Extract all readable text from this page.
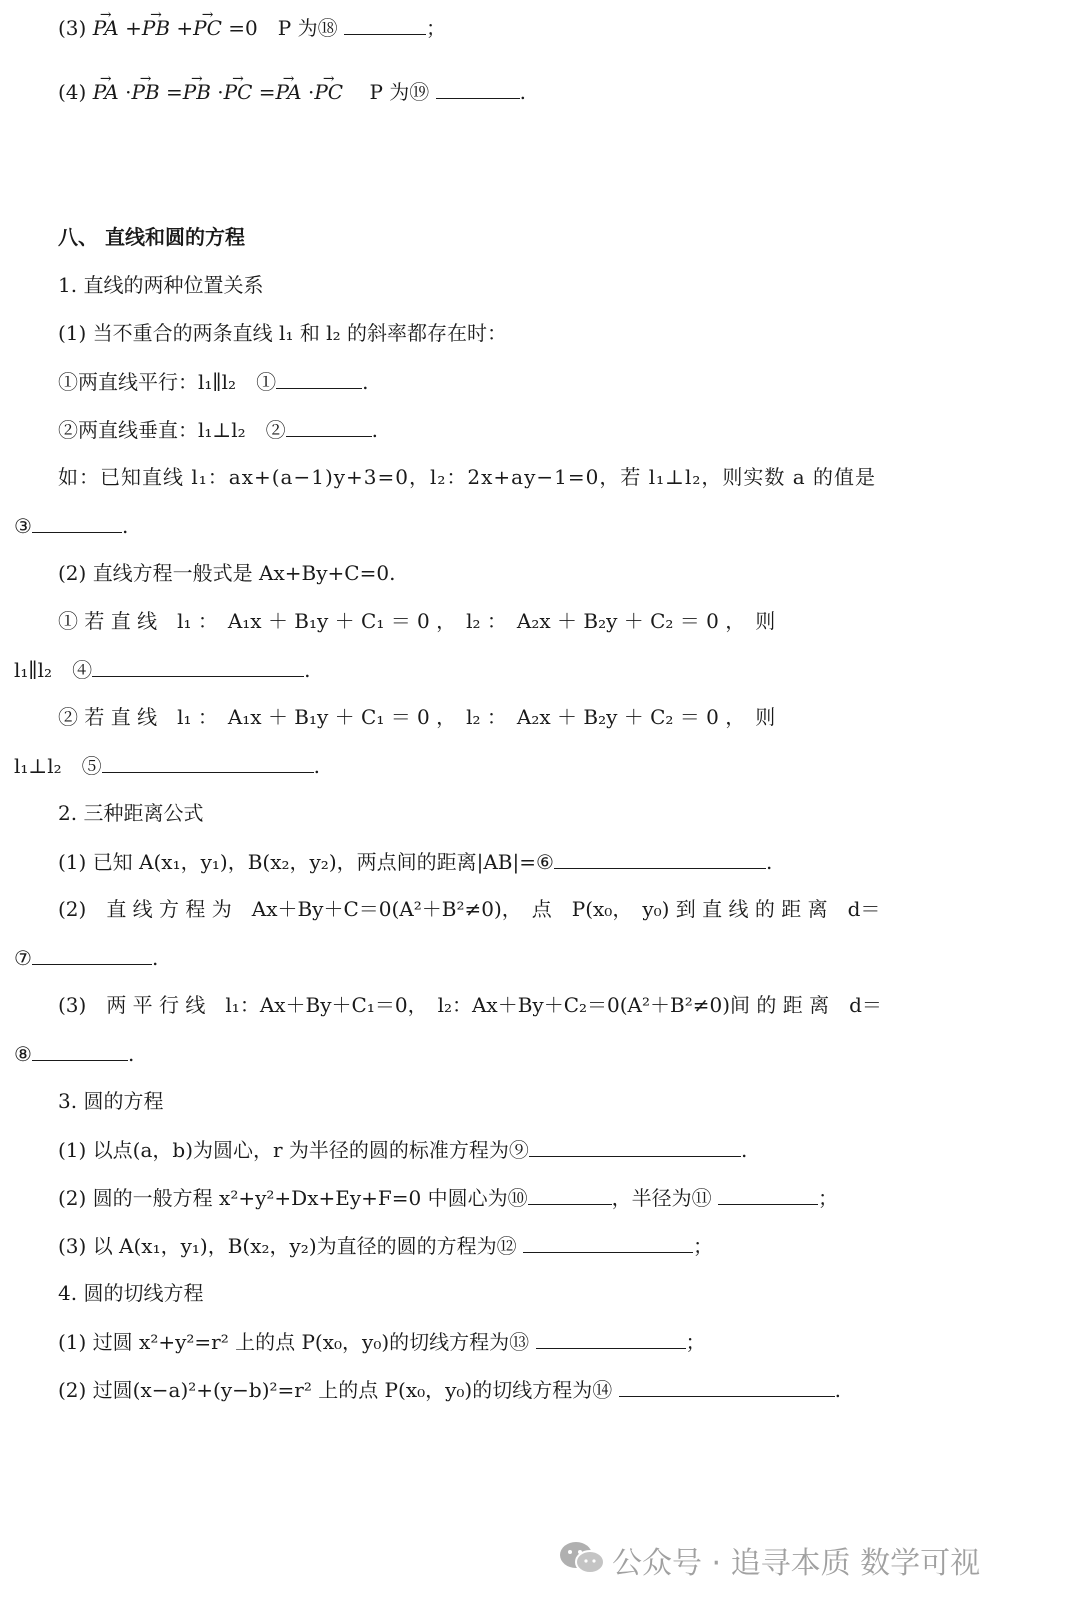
(3) → PA +→ PB +→ PC =0　P 为⑱	；
(4) → PA ·→ PB =→ PB ·→ PC =→ PA ·→ PC　 P 为⑲	.
八、 直线和圆的方程
1. 直线的两种位置关系
(1) 当不重合的两条直线 l₁ 和 l₂ 的斜率都存在时：
①两直线平行：l₁∥l₂　①	.
②两直线垂直：l₁⊥l₂　②	.
如：已知直线 l₁：ax+(a−1)y+3=0，l₂：2x+ay−1=0，若 l₁⊥l₂，则实数 a 的值是
③	.
(2) 直线方程一般式是 Ax+By+C=0.
① 若 直 线　l₁ ：　A₁x ＋ B₁y ＋ C₁ ＝ 0 ，　l₂ ：　A₂x ＋ B₂y ＋ C₂ ＝ 0 ，　则
l₁∥l₂　④	.
② 若 直 线　l₁ ：　A₁x ＋ B₁y ＋ C₁ ＝ 0 ，　l₂ ：　A₂x ＋ B₂y ＋ C₂ ＝ 0 ，　则
l₁⊥l₂　⑤	.
2. 三种距离公式
(1) 已知 A(x₁，y₁)，B(x₂，y₂)，两点间的距离|AB|=⑥	.
(2)　直 线 方 程 为　Ax＋By＋C＝0(A²＋B²≠0)，　点　P(x₀，　y₀) 到 直 线 的 距 离　d＝
⑦	.
(3)　两 平 行 线　l₁：Ax＋By＋C₁＝0，　l₂：Ax＋By＋C₂＝0(A²＋B²≠0)间 的 距 离　d＝
⑧	.
3. 圆的方程
(1) 以点(a，b)为圆心，r 为半径的圆的标准方程为⑨	.
(2) 圆的一般方程 x²+y²+Dx+Ey+F=0 中圆心为⑩	，半径为⑪	；
(3) 以 A(x₁，y₁)，B(x₂，y₂)为直径的圆的方程为⑫	；
4. 圆的切线方程
(1) 过圆 x²+y²=r² 上的点 P(x₀，y₀)的切线方程为⑬	；
(2) 过圆(x−a)²+(y−b)²=r² 上的点 P(x₀，y₀)的切线方程为⑭	.
公众号 · 追寻本质 数学可视
